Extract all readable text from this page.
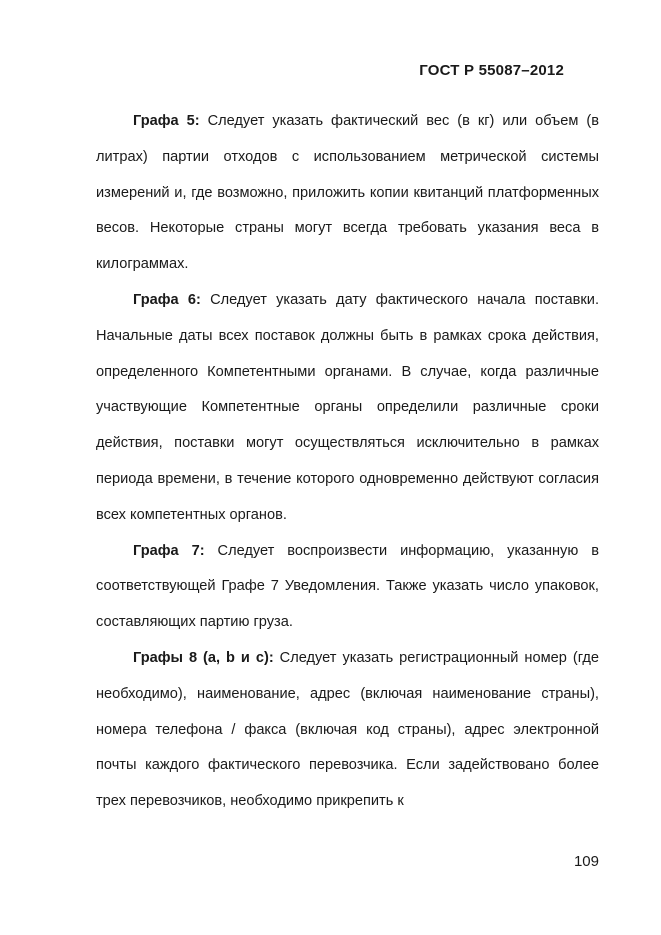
ГОСТ Р 55087–2012

Графа 5: Следует указать фактический вес (в кг) или объем (в литрах) партии отходов с использованием метрической системы измерений и, где возможно, приложить копии квитанций платформенных весов. Некоторые страны могут всегда требовать указания веса в килограммах.

Графа 6: Следует указать дату фактического начала поставки. Начальные даты всех поставок должны быть в рамках срока действия, определенного Компетентными органами. В случае, когда различные участвующие Компетентные органы определили различные сроки действия, поставки могут осуществляться исключительно в рамках периода времени, в течение которого одновременно действуют согласия всех компетентных органов.

Графа 7: Следует воспроизвести информацию, указанную в соответствующей Графе 7 Уведомления. Также указать число упаковок, составляющих партию груза.

Графы 8 (a, b и c): Следует указать регистрационный номер (где необходимо), наименование, адрес (включая наименование страны), номера телефона / факса (включая код страны), адрес электронной почты каждого фактического перевозчика. Если задействовано более трех перевозчиков, необходимо прикрепить к

109
